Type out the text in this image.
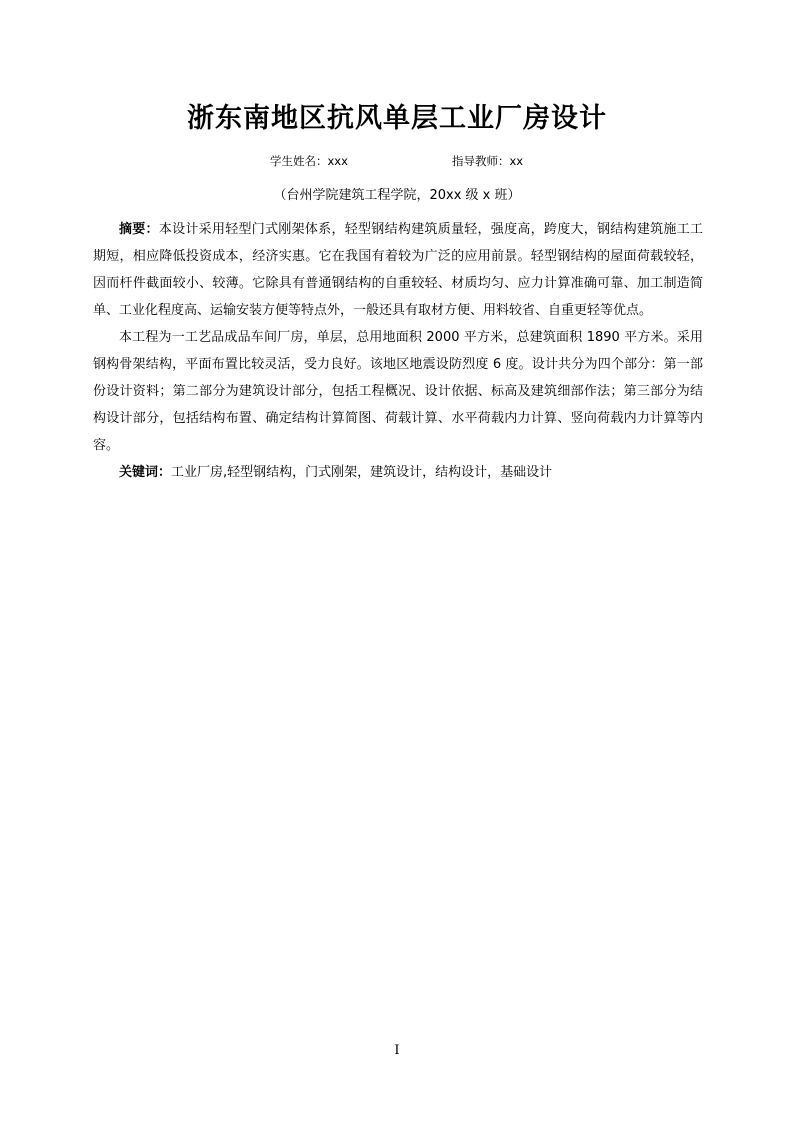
浙东南地区抗风单层工业厂房设计
学生姓名：xxx	指导教师：xx
（台州学院建筑工程学院，20xx 级 x 班）

摘要：本设计采用轻型门式刚架体系，轻型钢结构建筑质量轻，强度高，跨度大，钢结构建筑施工工期短，相应降低投资成本，经济实惠。它在我国有着较为广泛的应用前景。轻型钢结构的屋面荷载较轻，因而杆件截面较小、较薄。它除具有普通钢结构的自重较轻、材质均匀、应力计算准确可靠、加工制造简单、工业化程度高、运输安装方便等特点外，一般还具有取材方便、用料较省、自重更轻等优点。

本工程为一工艺品成品车间厂房，单层，总用地面积 2000 平方米，总建筑面积 1890 平方米。采用钢构骨架结构，平面布置比较灵活，受力良好。该地区地震设防烈度 6 度。设计共分为四个部分：第一部份设计资料；第二部分为建筑设计部分，包括工程概况、设计依据、标高及建筑细部作法；第三部分为结构设计部分，包括结构布置、确定结构计算简图、荷载计算、水平荷载内力计算、竖向荷载内力计算等内容。

关键词：工业厂房,轻型钢结构，门式刚架，建筑设计，结构设计，基础设计

I
